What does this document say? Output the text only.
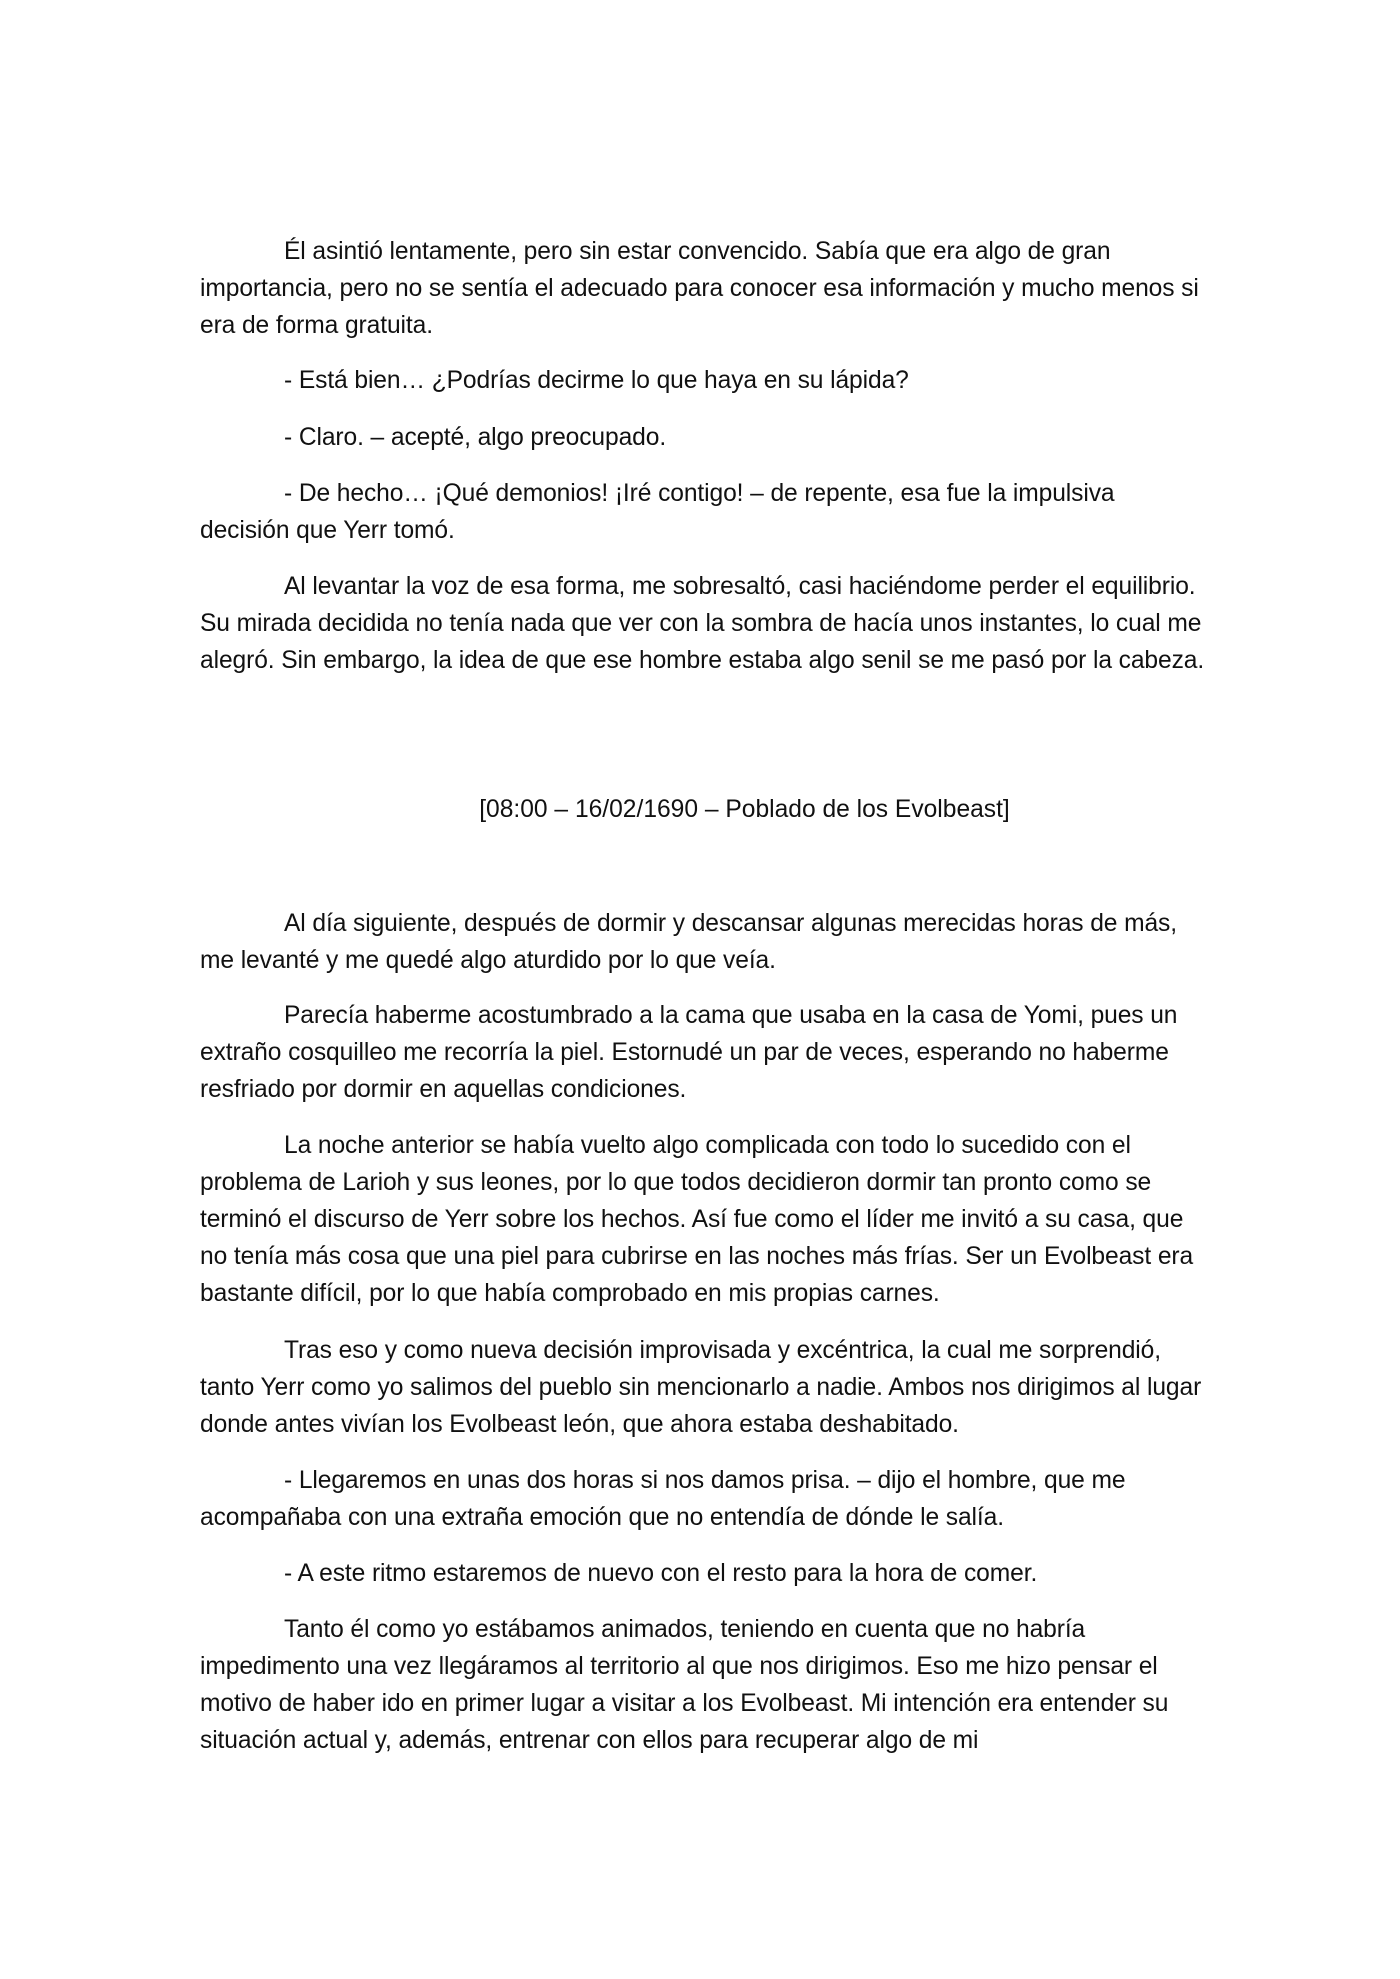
Él asintió lentamente, pero sin estar convencido. Sabía que era algo de gran importancia, pero no se sentía el adecuado para conocer esa información y mucho menos si era de forma gratuita.

- Está bien… ¿Podrías decirme lo que haya en su lápida?

- Claro. – acepté, algo preocupado.

- De hecho… ¡Qué demonios! ¡Iré contigo! – de repente, esa fue la impulsiva decisión que Yerr tomó.

Al levantar la voz de esa forma, me sobresaltó, casi haciéndome perder el equilibrio. Su mirada decidida no tenía nada que ver con la sombra de hacía unos instantes, lo cual me alegró. Sin embargo, la idea de que ese hombre estaba algo senil se me pasó por la cabeza.

[08:00 – 16/02/1690 – Poblado de los Evolbeast]

Al día siguiente, después de dormir y descansar algunas merecidas horas de más, me levanté y me quedé algo aturdido por lo que veía.

Parecía haberme acostumbrado a la cama que usaba en la casa de Yomi, pues un extraño cosquilleo me recorría la piel. Estornudé un par de veces, esperando no haberme resfriado por dormir en aquellas condiciones.

La noche anterior se había vuelto algo complicada con todo lo sucedido con el problema de Larioh y sus leones, por lo que todos decidieron dormir tan pronto como se terminó el discurso de Yerr sobre los hechos. Así fue como el líder me invitó a su casa, que no tenía más cosa que una piel para cubrirse en las noches más frías. Ser un Evolbeast era bastante difícil, por lo que había comprobado en mis propias carnes.

Tras eso y como nueva decisión improvisada y excéntrica, la cual me sorprendió, tanto Yerr como yo salimos del pueblo sin mencionarlo a nadie. Ambos nos dirigimos al lugar donde antes vivían los Evolbeast león, que ahora estaba deshabitado.

- Llegaremos en unas dos horas si nos damos prisa. – dijo el hombre, que me acompañaba con una extraña emoción que no entendía de dónde le salía.

- A este ritmo estaremos de nuevo con el resto para la hora de comer.

Tanto él como yo estábamos animados, teniendo en cuenta que no habría impedimento una vez llegáramos al territorio al que nos dirigimos. Eso me hizo pensar el motivo de haber ido en primer lugar a visitar a los Evolbeast. Mi intención era entender su situación actual y, además, entrenar con ellos para recuperar algo de mi
